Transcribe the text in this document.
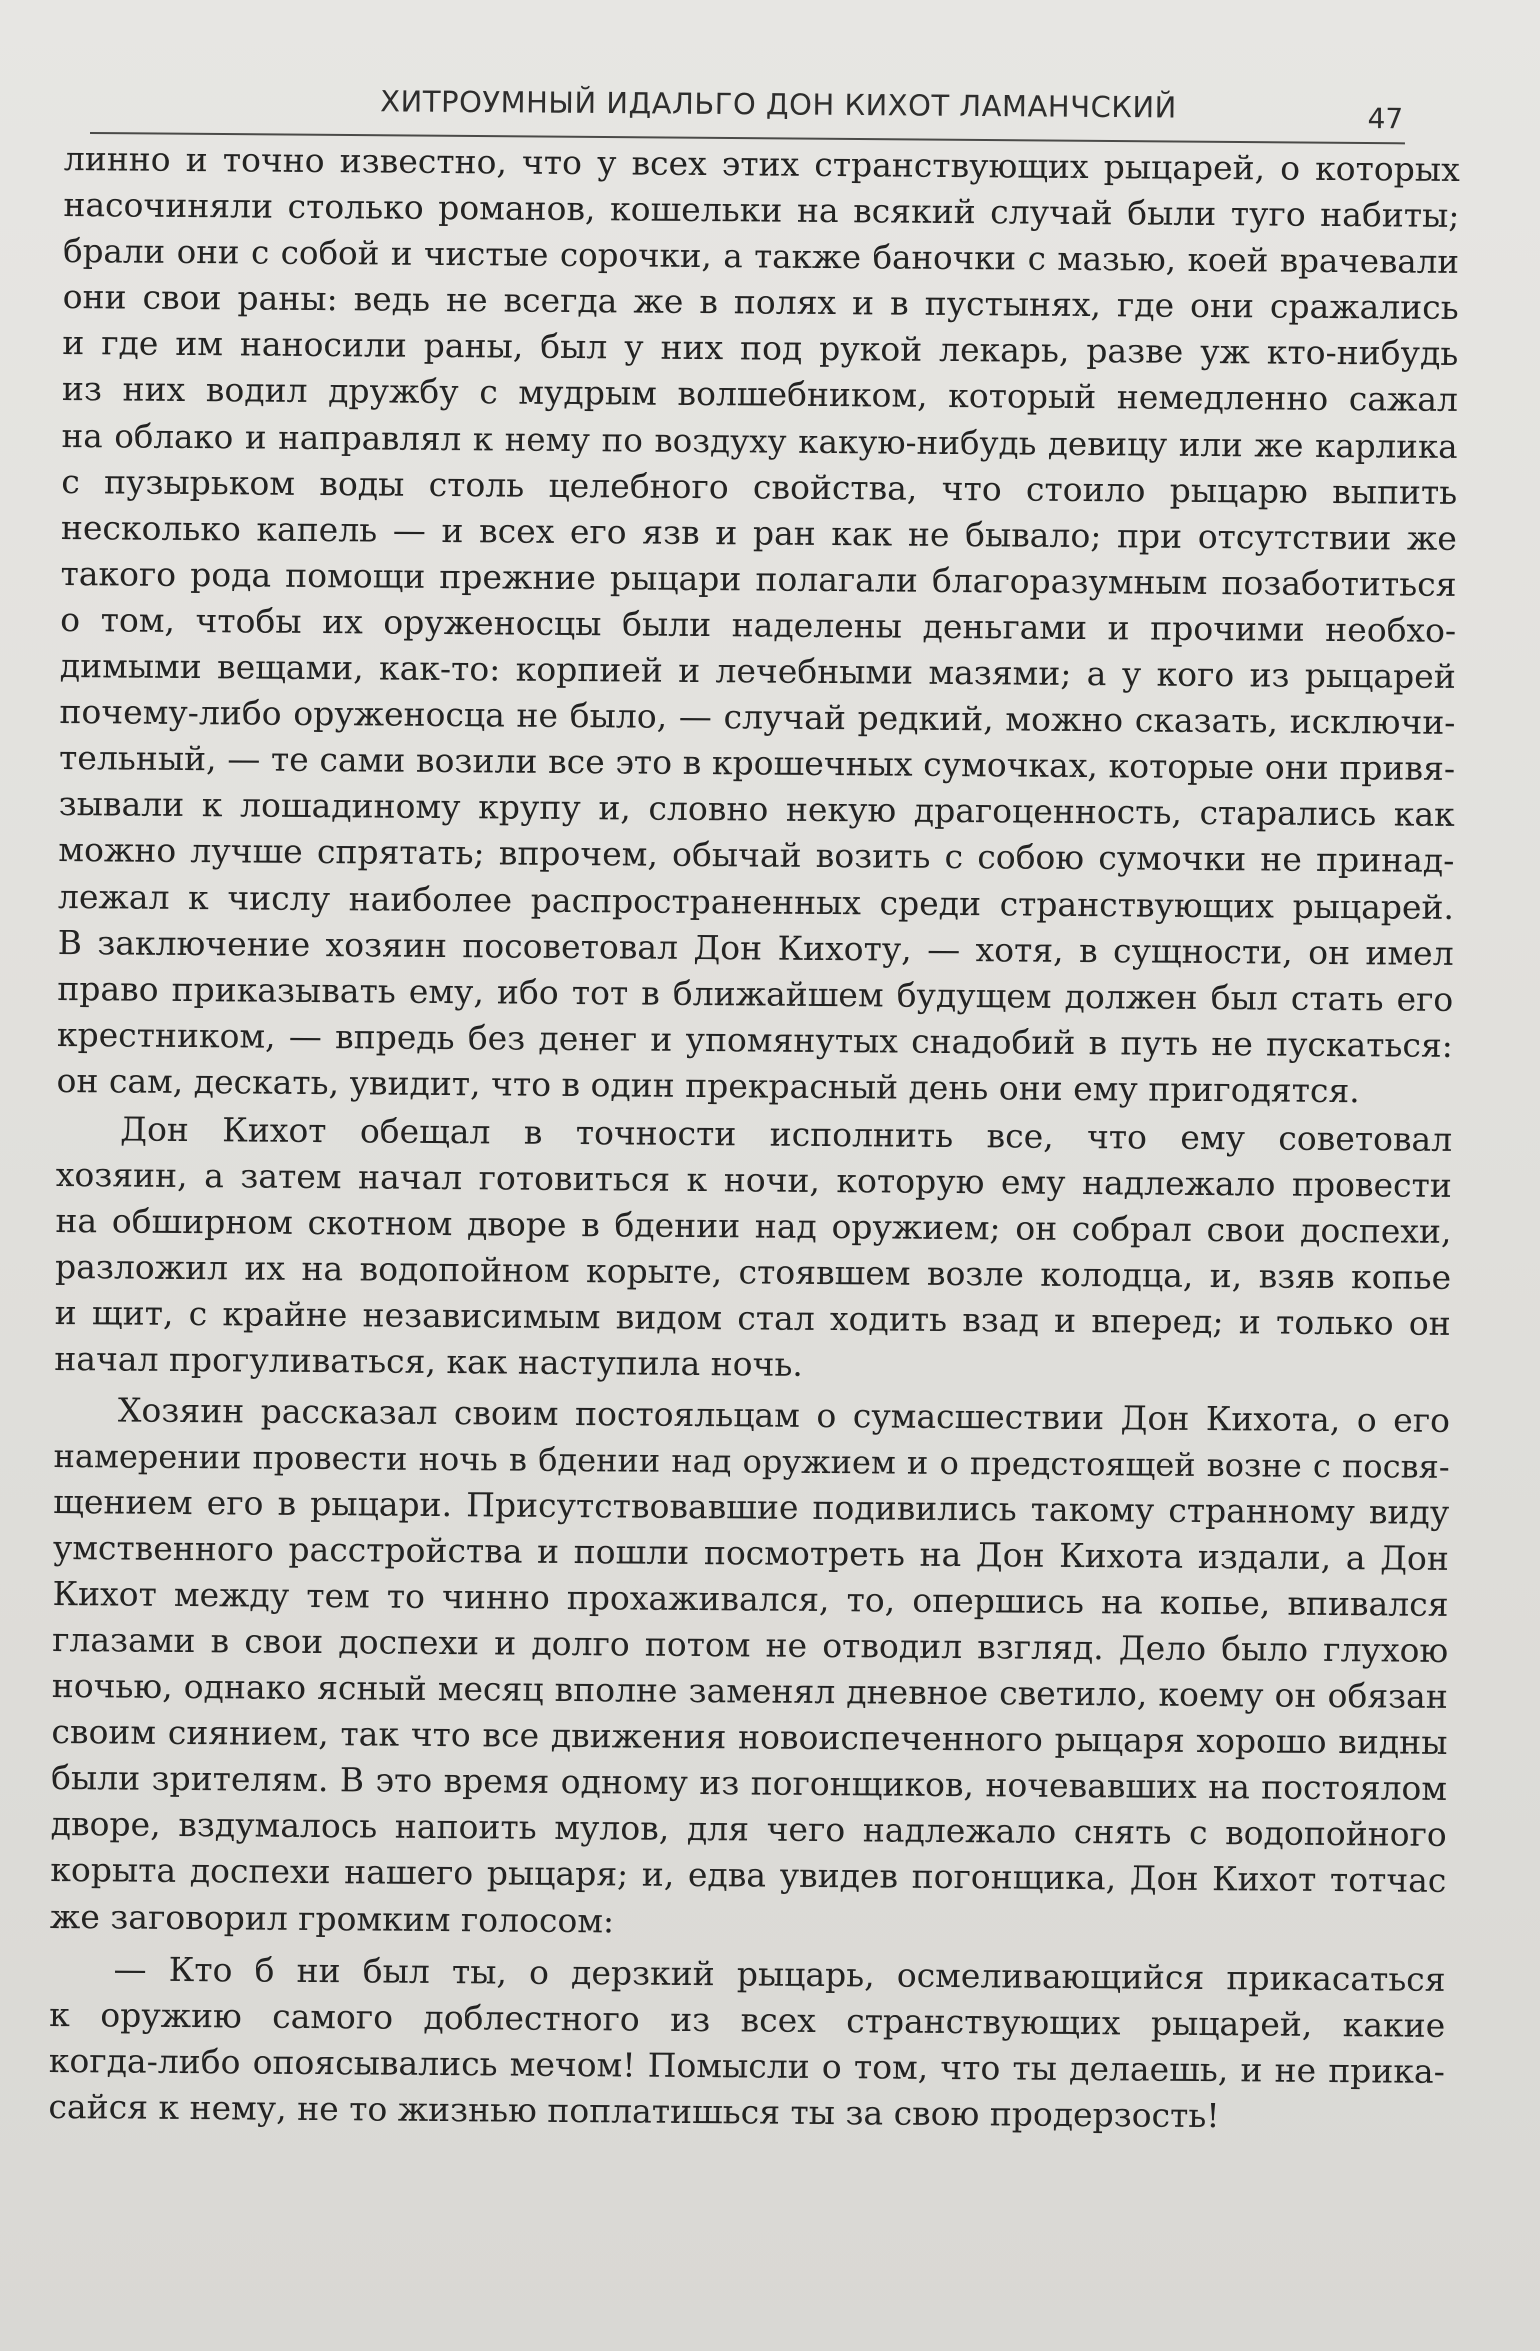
ХИТРОУМНЫЙ ИДАЛЬГО ДОН КИХОТ ЛАМАНЧСКИЙ	47
линно и точно известно, что у всех этих странствующих рыцарей, о которых
насочиняли столько романов, кошельки на всякий случай были туго набиты;
брали они с собой и чистые сорочки, а также баночки с мазью, коей врачевали
они свои раны: ведь не всегда же в полях и в пустынях, где они сражались
и где им наносили раны, был у них под рукой лекарь, разве уж кто-нибудь
из них водил дружбу с мудрым волшебником, который немедленно сажал
на облако и направлял к нему по воздуху какую-нибудь девицу или же карлика
с пузырьком воды столь целебного свойства, что стоило рыцарю выпить
несколько капель — и всех его язв и ран как не бывало; при отсутствии же
такого рода помощи прежние рыцари полагали благоразумным позаботиться
о том, чтобы их оруженосцы были наделены деньгами и прочими необхо-
димыми вещами, как-то: корпией и лечебными мазями; а у кого из рыцарей
почему-либо оруженосца не было, — случай редкий, можно сказать, исключи-
тельный, — те сами возили все это в крошечных сумочках, которые они привя-
зывали к лошадиному крупу и, словно некую драгоценность, старались как
можно лучше спрятать; впрочем, обычай возить с собою сумочки не принад-
лежал к числу наиболее распространенных среди странствующих рыцарей.
В заключение хозяин посоветовал Дон Кихоту, — хотя, в сущности, он имел
право приказывать ему, ибо тот в ближайшем будущем должен был стать его
крестником, — впредь без денег и упомянутых снадобий в путь не пускаться:
он сам, дескать, увидит, что в один прекрасный день они ему пригодятся.
Дон Кихот обещал в точности исполнить все, что ему советовал
хозяин, а затем начал готовиться к ночи, которую ему надлежало провести
на обширном скотном дворе в бдении над оружием; он собрал свои доспехи,
разложил их на водопойном корыте, стоявшем возле колодца, и, взяв копье
и щит, с крайне независимым видом стал ходить взад и вперед; и только он
начал прогуливаться, как наступила ночь.
Хозяин рассказал своим постояльцам о сумасшествии Дон Кихота, о его
намерении провести ночь в бдении над оружием и о предстоящей возне с посвя-
щением его в рыцари. Присутствовавшие подивились такому странному виду
умственного расстройства и пошли посмотреть на Дон Кихота издали, а Дон
Кихот между тем то чинно прохаживался, то, опершись на копье, впивался
глазами в свои доспехи и долго потом не отводил взгляд. Дело было глухою
ночью, однако ясный месяц вполне заменял дневное светило, коему он обязан
своим сиянием, так что все движения новоиспеченного рыцаря хорошо видны
были зрителям. В это время одному из погонщиков, ночевавших на постоялом
дворе, вздумалось напоить мулов, для чего надлежало снять с водопойного
корыта доспехи нашего рыцаря; и, едва увидев погонщика, Дон Кихот тотчас
же заговорил громким голосом:
— Кто б ни был ты, о дерзкий рыцарь, осмеливающийся прикасаться
к оружию самого доблестного из всех странствующих рыцарей, какие
когда-либо опоясывались мечом! Помысли о том, что ты делаешь, и не прика-
сайся к нему, не то жизнью поплатишься ты за свою продерзость!
